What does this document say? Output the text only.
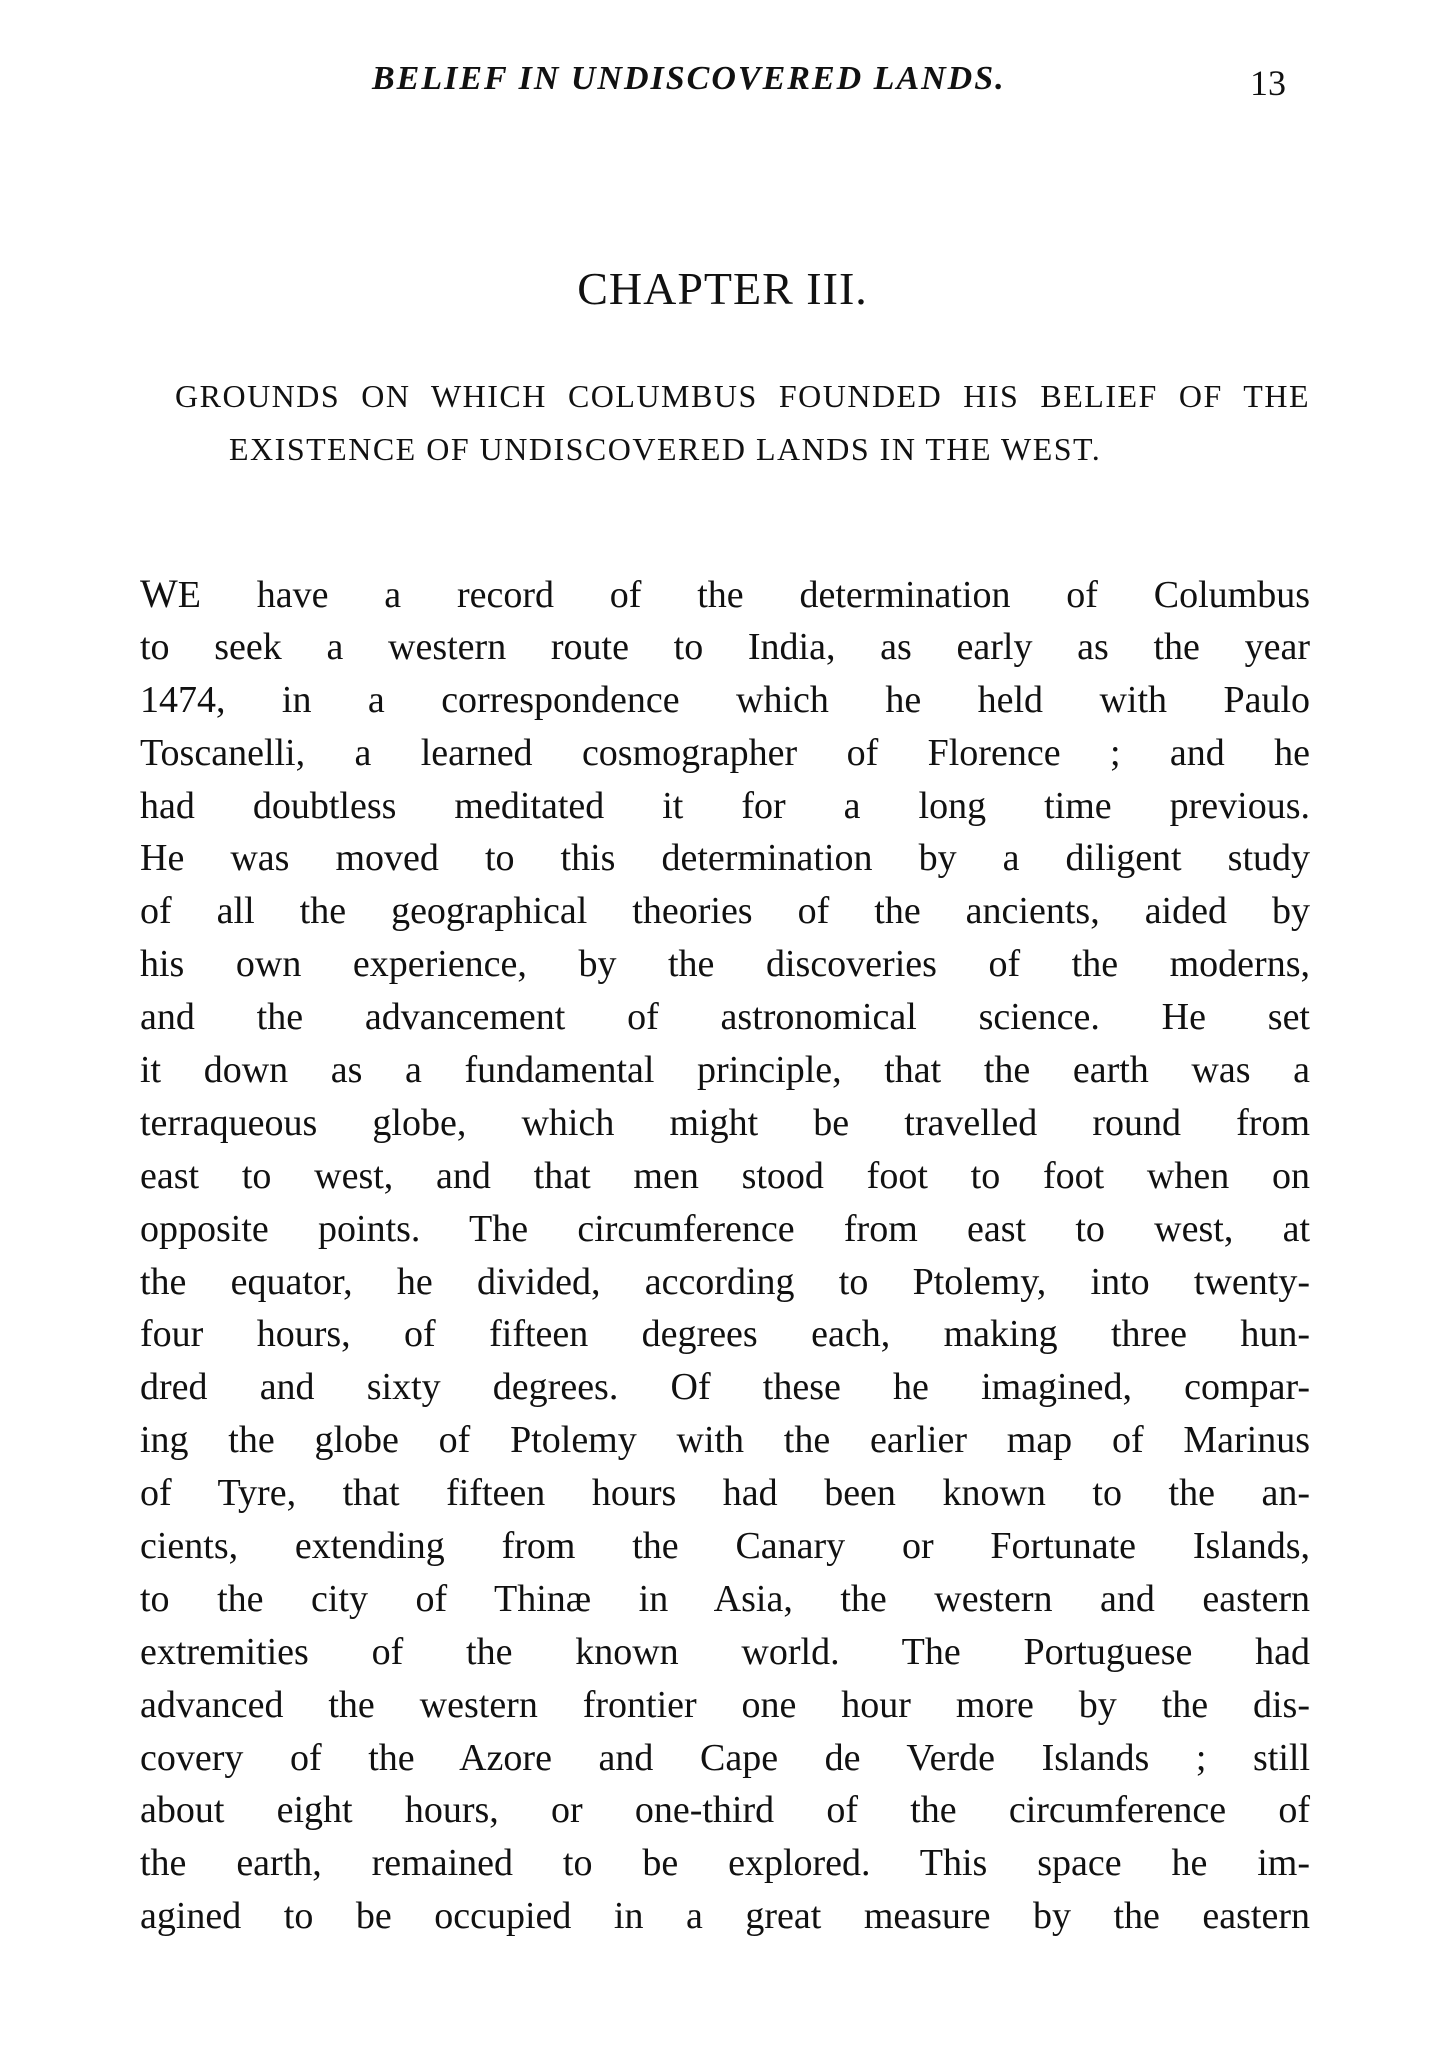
BELIEF IN UNDISCOVERED LANDS.	13
CHAPTER III.
GROUNDS ON WHICH COLUMBUS FOUNDED HIS BELIEF OF THE EXISTENCE OF UNDISCOVERED LANDS IN THE WEST.
WE have a record of the determination of Columbus
to seek a western route to India, as early as the year
1474, in a correspondence which he held with Paulo
Toscanelli, a learned cosmographer of Florence ; and he
had doubtless meditated it for a long time previous.
He was moved to this determination by a diligent study
of all the geographical theories of the ancients, aided by
his own experience, by the discoveries of the moderns,
and the advancement of astronomical science. He set
it down as a fundamental principle, that the earth was a
terraqueous globe, which might be travelled round from
east to west, and that men stood foot to foot when on
opposite points. The circumference from east to west, at
the equator, he divided, according to Ptolemy, into twenty-
four hours, of fifteen degrees each, making three hun-
dred and sixty degrees. Of these he imagined, compar-
ing the globe of Ptolemy with the earlier map of Marinus
of Tyre, that fifteen hours had been known to the an-
cients, extending from the Canary or Fortunate Islands,
to the city of Thinæ in Asia, the western and eastern
extremities of the known world. The Portuguese had
advanced the western frontier one hour more by the dis-
covery of the Azore and Cape de Verde Islands ; still
about eight hours, or one-third of the circumference of
the earth, remained to be explored. This space he im-
agined to be occupied in a great measure by the eastern
